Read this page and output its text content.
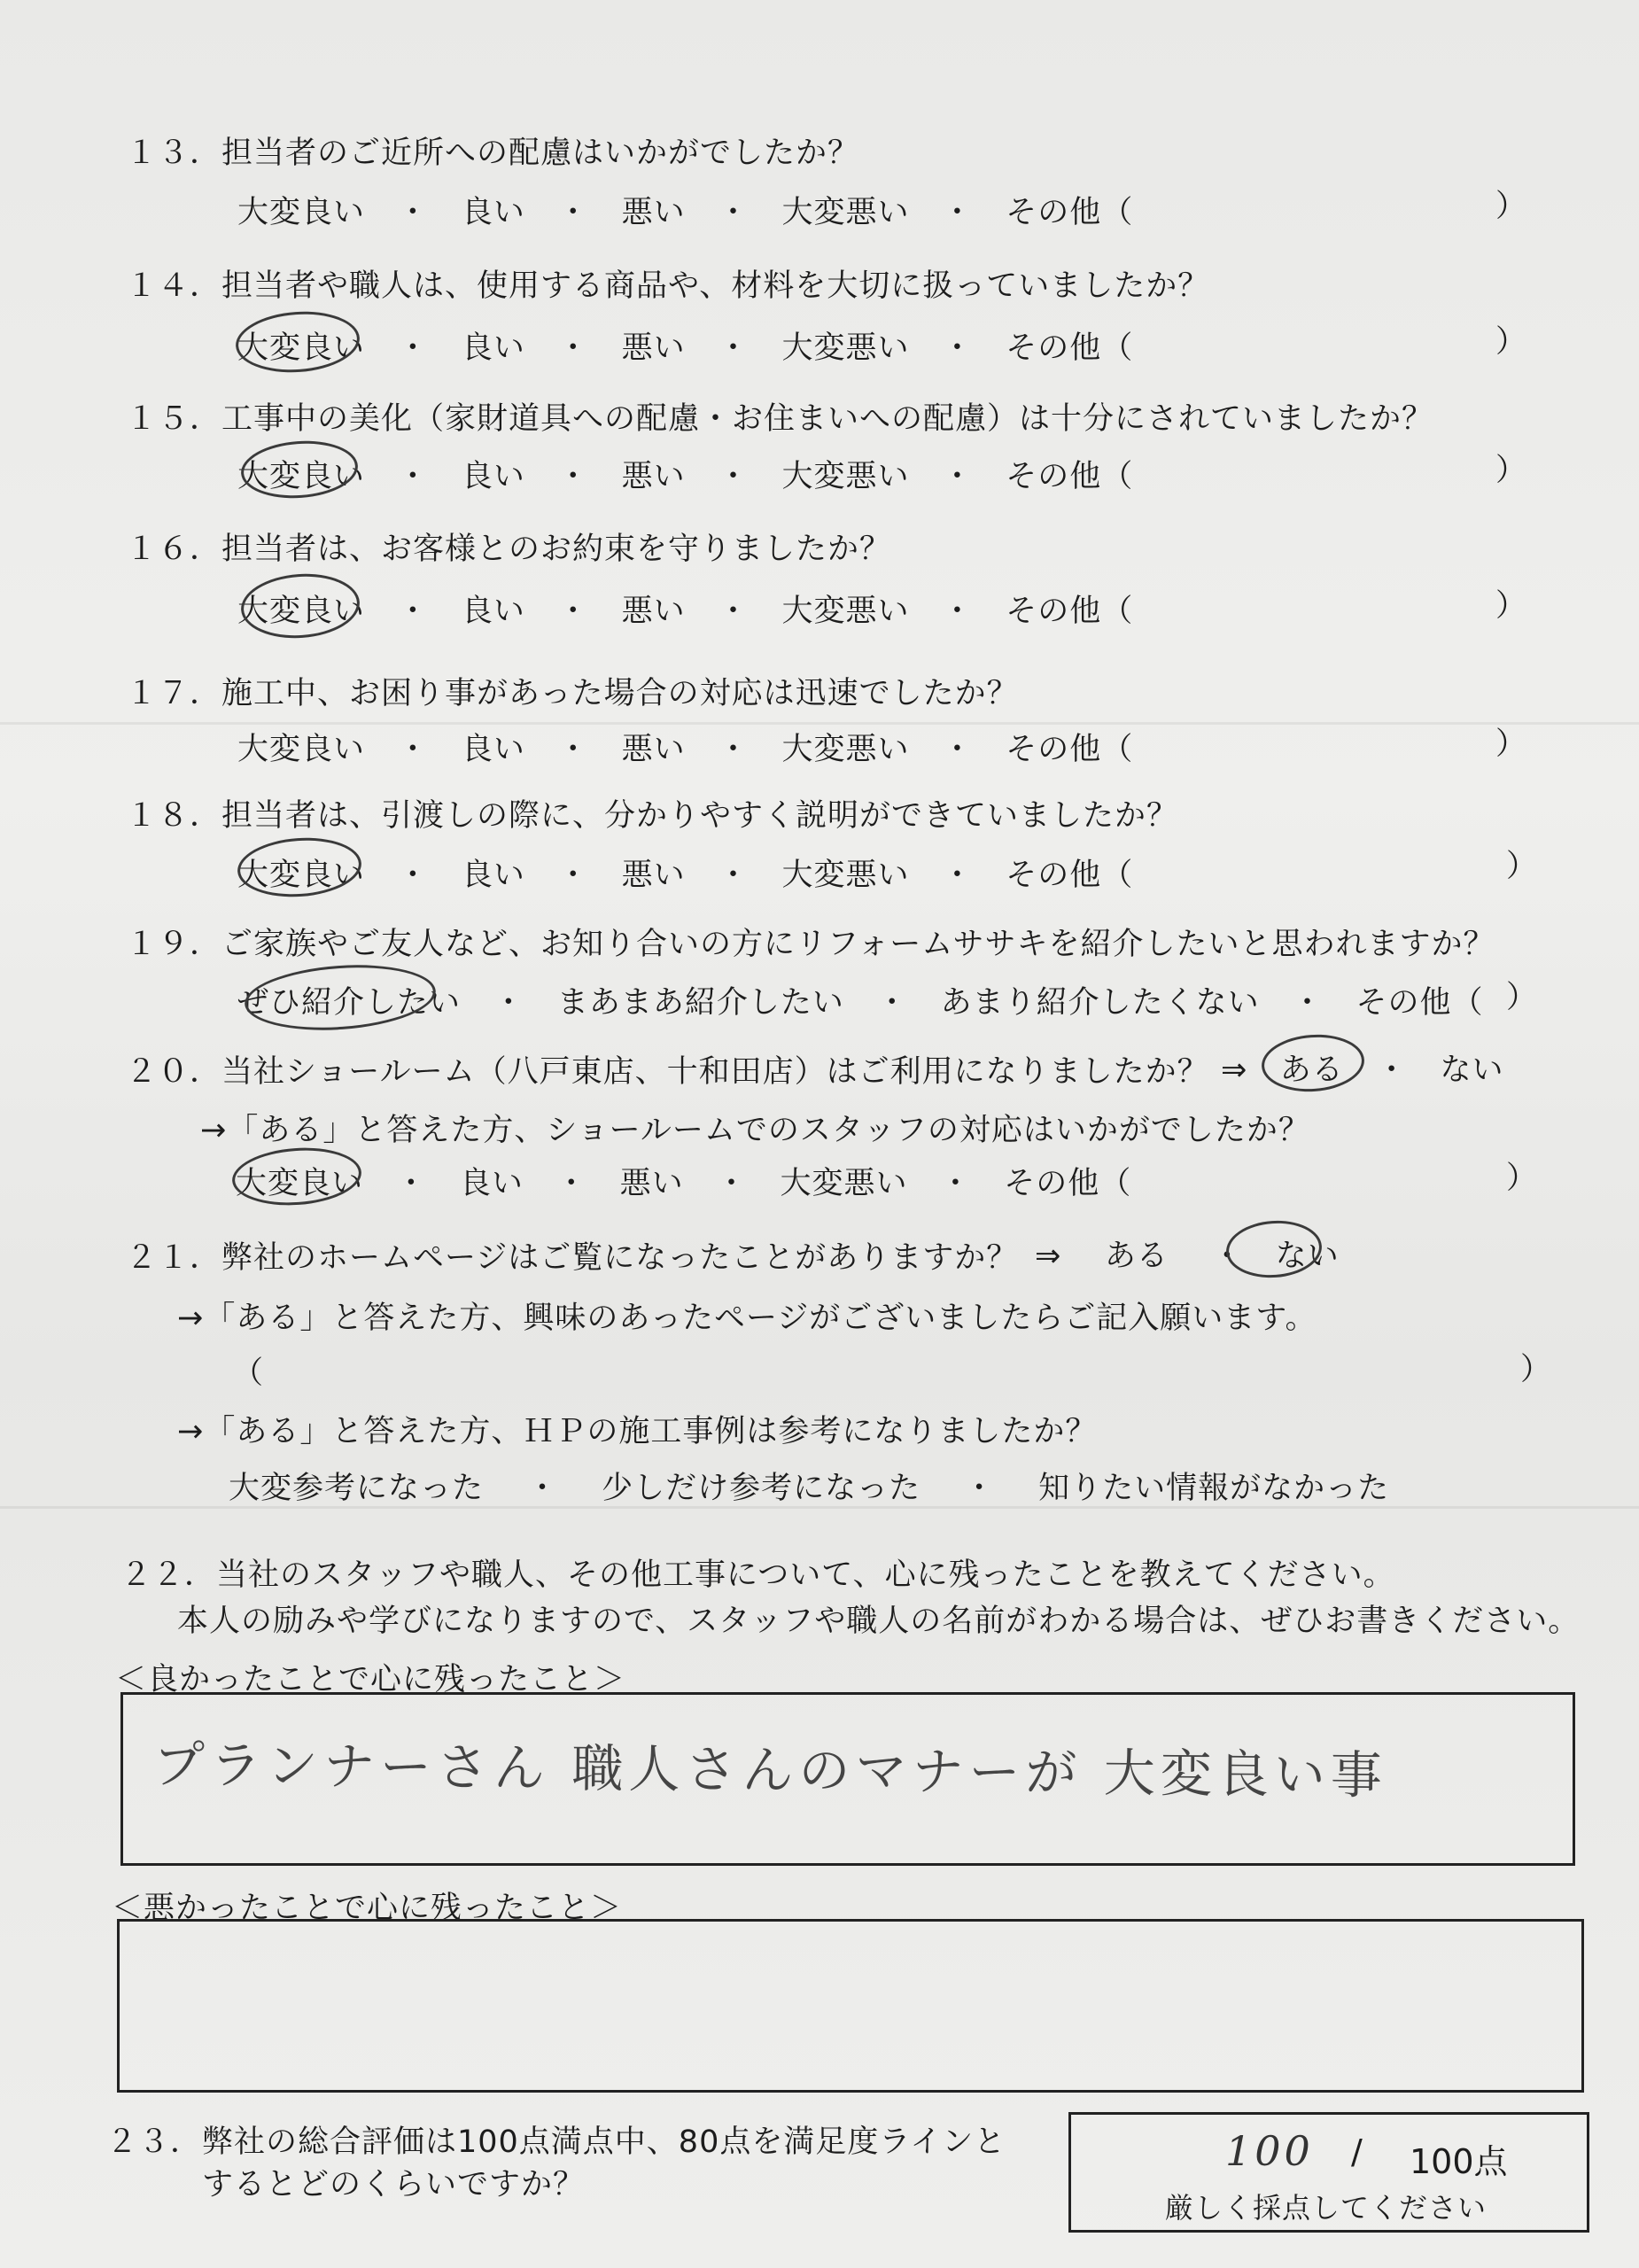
１３．担当者のご近所への配慮はいかがでしたか？
大変良い ・ 良い ・ 悪い ・ 大変悪い ・ その他（	）
１４．担当者や職人は、使用する商品や、材料を大切に扱っていましたか？
大変良い ・ 良い ・ 悪い ・ 大変悪い ・ その他（	）
１５．工事中の美化（家財道具への配慮・お住まいへの配慮）は十分にされていましたか？
大変良い ・ 良い ・ 悪い ・ 大変悪い ・ その他（	）
１６．担当者は、お客様とのお約束を守りましたか？
大変良い ・ 良い ・ 悪い ・ 大変悪い ・ その他（	）
１７．施工中、お困り事があった場合の対応は迅速でしたか？
大変良い ・ 良い ・ 悪い ・ 大変悪い ・ その他（	）
１８．担当者は、引渡しの際に、分かりやすく説明ができていましたか？
大変良い ・ 良い ・ 悪い ・ 大変悪い ・ その他（	）
１９．ご家族やご友人など、お知り合いの方にリフォームササキを紹介したいと思われますか？
ぜひ紹介したい ・ まあまあ紹介したい ・ あまり紹介したくない ・ その他（ ）
２０．当社ショールーム（八戸東店、十和田店）はご利用になりましたか？ ⇒ ある ・ ない
→「ある」と答えた方、ショールームでのスタッフの対応はいかがでしたか？
大変良い ・ 良い ・ 悪い ・ 大変悪い ・ その他（	）
２１．弊社のホームページはご覧になったことがありますか？ ⇒ ある ・ ない
→「ある」と答えた方、興味のあったページがございましたらご記入願います。
（	）
→「ある」と答えた方、ＨＰの施工事例は参考になりましたか？
大変参考になった ・ 少しだけ参考になった ・ 知りたい情報がなかった
２２．当社のスタッフや職人、その他工事について、心に残ったことを教えてください。
本人の励みや学びになりますので、スタッフや職人の名前がわかる場合は、ぜひお書きください。
＜良かったことで心に残ったこと＞
プランナーさん 職人さんのマナーが 大変良い事
＜悪かったことで心に残ったこと＞
２３．弊社の総合評価は100点満点中、80点を満足度ラインと
するとどのくらいですか？
100 / 100点
厳しく採点してください
